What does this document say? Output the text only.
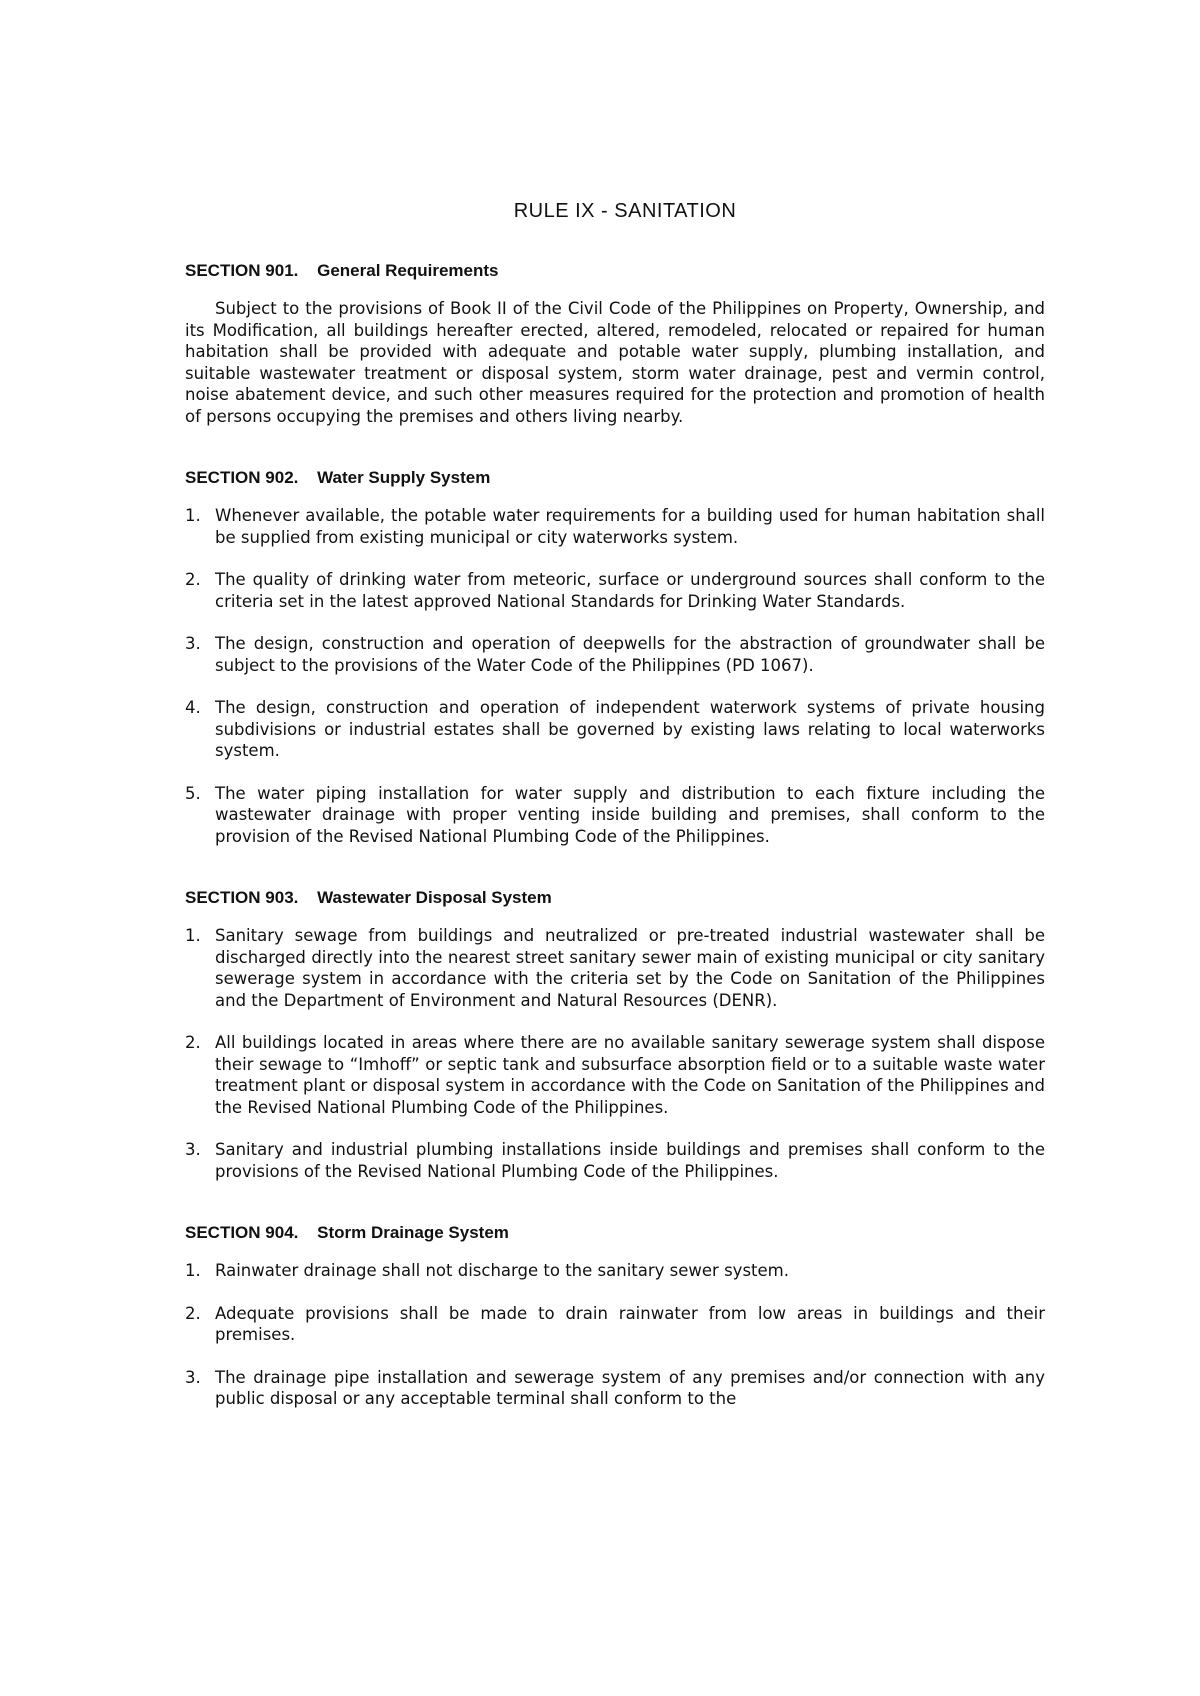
RULE IX - SANITATION
SECTION 901. General Requirements

Subject to the provisions of Book II of the Civil Code of the Philippines on Property, Ownership, and its Modification, all buildings hereafter erected, altered, remodeled, relocated or repaired for human habitation shall be provided with adequate and potable water supply, plumbing installation, and suitable wastewater treatment or disposal system, storm water drainage, pest and vermin control, noise abatement device, and such other measures required for the protection and promotion of health of persons occupying the premises and others living nearby.

SECTION 902. Water Supply System
1. Whenever available, the potable water requirements for a building used for human habitation shall be supplied from existing municipal or city waterworks system.
2. The quality of drinking water from meteoric, surface or underground sources shall conform to the criteria set in the latest approved National Standards for Drinking Water Standards.
3. The design, construction and operation of deepwells for the abstraction of groundwater shall be subject to the provisions of the Water Code of the Philippines (PD 1067).
4. The design, construction and operation of independent waterwork systems of private housing subdivisions or industrial estates shall be governed by existing laws relating to local waterworks system.
5. The water piping installation for water supply and distribution to each fixture including the wastewater drainage with proper venting inside building and premises, shall conform to the provision of the Revised National Plumbing Code of the Philippines.
SECTION 903. Wastewater Disposal System
1. Sanitary sewage from buildings and neutralized or pre-treated industrial wastewater shall be discharged directly into the nearest street sanitary sewer main of existing municipal or city sanitary sewerage system in accordance with the criteria set by the Code on Sanitation of the Philippines and the Department of Environment and Natural Resources (DENR).
2. All buildings located in areas where there are no available sanitary sewerage system shall dispose their sewage to “Imhoff” or septic tank and subsurface absorption field or to a suitable waste water treatment plant or disposal system in accordance with the Code on Sanitation of the Philippines and the Revised National Plumbing Code of the Philippines.
3. Sanitary and industrial plumbing installations inside buildings and premises shall conform to the provisions of the Revised National Plumbing Code of the Philippines.
SECTION 904. Storm Drainage System
1. Rainwater drainage shall not discharge to the sanitary sewer system.
2. Adequate provisions shall be made to drain rainwater from low areas in buildings and their premises.
3. The drainage pipe installation and sewerage system of any premises and/or connection with any public disposal or any acceptable terminal shall conform to the
